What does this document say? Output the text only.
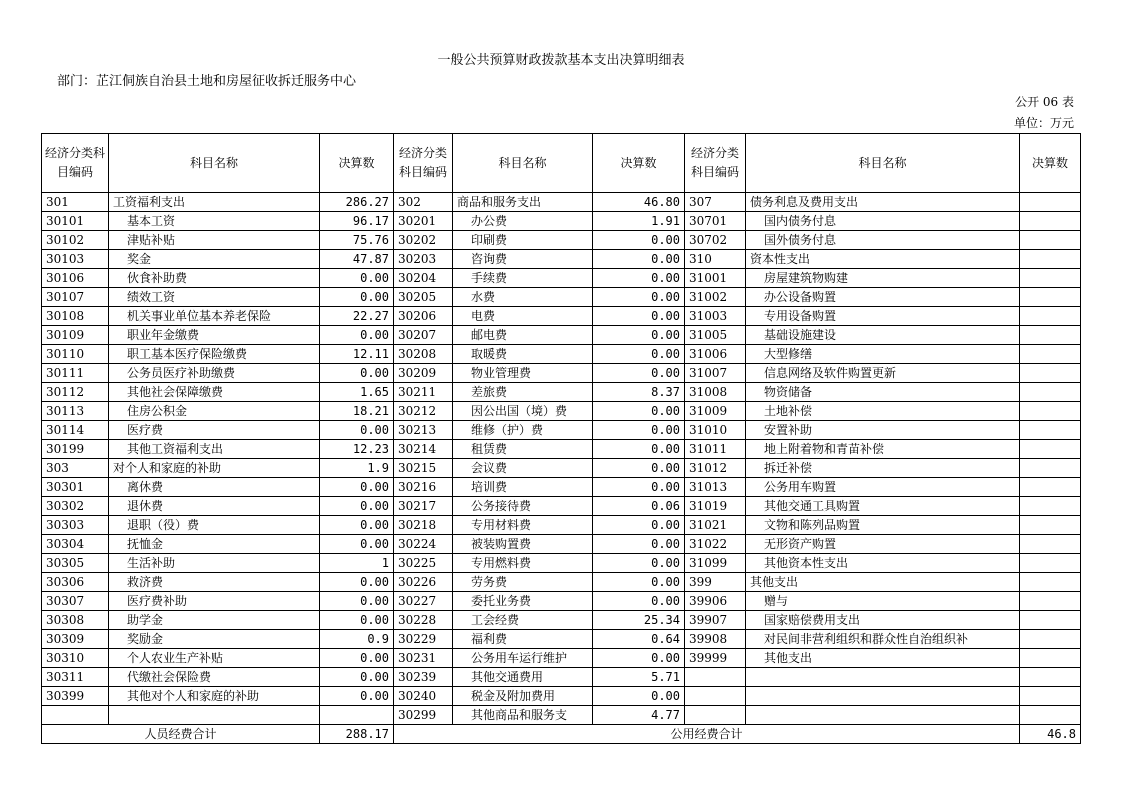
一般公共预算财政拨款基本支出决算明细表
部门：芷江侗族自治县土地和房屋征收拆迁服务中心
公开 06 表
单位：万元
经济分类科目编码	科目名称	决算数	经济分类科目编码	科目名称	决算数	经济分类科目编码	科目名称	决算数
301	工资福利支出	286.27	302	商品和服务支出	46.80	307	债务利息及费用支出	
30101	基本工资	96.17	30201	办公费	1.91	30701	国内债务付息	
30102	津贴补贴	75.76	30202	印刷费	0.00	30702	国外债务付息	
30103	奖金	47.87	30203	咨询费	0.00	310	资本性支出	
30106	伙食补助费	0.00	30204	手续费	0.00	31001	房屋建筑物购建	
30107	绩效工资	0.00	30205	水费	0.00	31002	办公设备购置	
30108	机关事业单位基本养老保险	22.27	30206	电费	0.00	31003	专用设备购置	
30109	职业年金缴费	0.00	30207	邮电费	0.00	31005	基础设施建设	
30110	职工基本医疗保险缴费	12.11	30208	取暖费	0.00	31006	大型修缮	
30111	公务员医疗补助缴费	0.00	30209	物业管理费	0.00	31007	信息网络及软件购置更新	
30112	其他社会保障缴费	1.65	30211	差旅费	8.37	31008	物资储备	
30113	住房公积金	18.21	30212	因公出国（境）费	0.00	31009	土地补偿	
30114	医疗费	0.00	30213	维修（护）费	0.00	31010	安置补助	
30199	其他工资福利支出	12.23	30214	租赁费	0.00	31011	地上附着物和青苗补偿	
303	对个人和家庭的补助	1.9	30215	会议费	0.00	31012	拆迁补偿	
30301	离休费	0.00	30216	培训费	0.00	31013	公务用车购置	
30302	退休费	0.00	30217	公务接待费	0.06	31019	其他交通工具购置	
30303	退职（役）费	0.00	30218	专用材料费	0.00	31021	文物和陈列品购置	
30304	抚恤金	0.00	30224	被装购置费	0.00	31022	无形资产购置	
30305	生活补助	1	30225	专用燃料费	0.00	31099	其他资本性支出	
30306	救济费	0.00	30226	劳务费	0.00	399	其他支出	
30307	医疗费补助	0.00	30227	委托业务费	0.00	39906	赠与	
30308	助学金	0.00	30228	工会经费	25.34	39907	国家赔偿费用支出	
30309	奖励金	0.9	30229	福利费	0.64	39908	对民间非营利组织和群众性自治组织补	
30310	个人农业生产补贴	0.00	30231	公务用车运行维护	0.00	39999	其他支出	
30311	代缴社会保险费	0.00	30239	其他交通费用	5.71			
30399	其他对个人和家庭的补助	0.00	30240	税金及附加费用	0.00			
			30299	其他商品和服务支	4.77			
人员经费合计		288.17	公用经费合计					46.8
